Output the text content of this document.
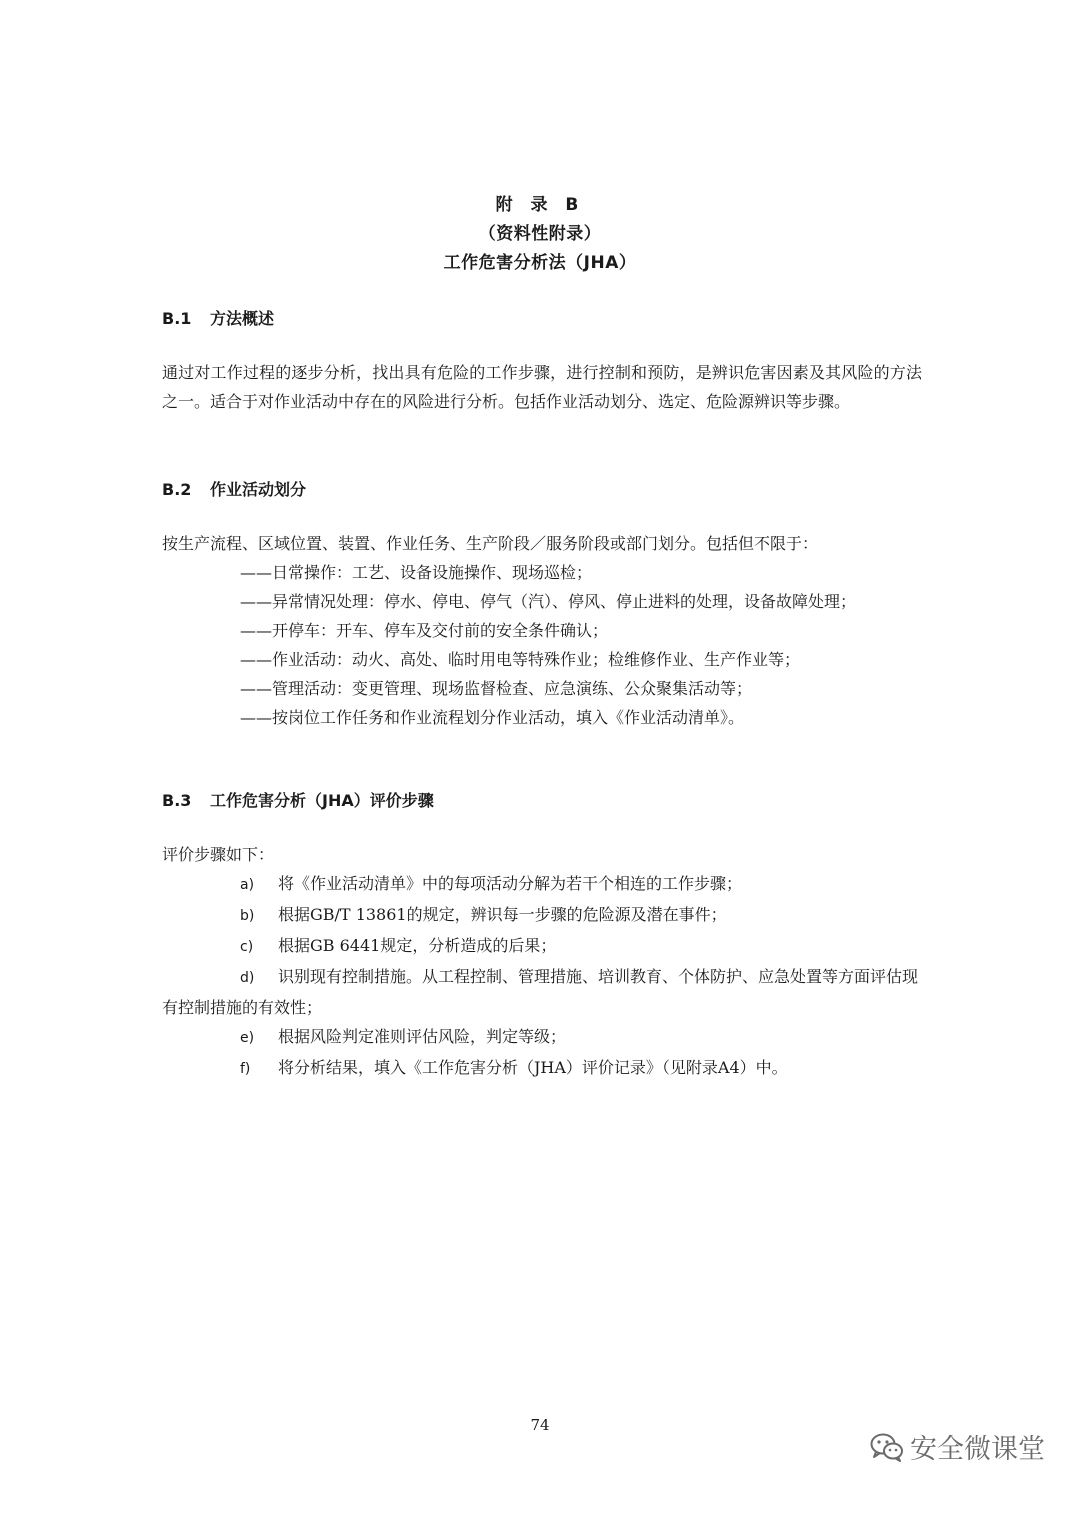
附 录 B
（资料性附录）
工作危害分析法（JHA）
B.1 方法概述
通过对工作过程的逐步分析，找出具有危险的工作步骤，进行控制和预防，是辨识危害因素及其风险的方法之一。适合于对作业活动中存在的风险进行分析。包括作业活动划分、选定、危险源辨识等步骤。
B.2 作业活动划分
按生产流程、区域位置、装置、作业任务、生产阶段／服务阶段或部门划分。包括但不限于：
——日常操作：工艺、设备设施操作、现场巡检；
——异常情况处理：停水、停电、停气（汽）、停风、停止进料的处理，设备故障处理；
——开停车：开车、停车及交付前的安全条件确认；
——作业活动：动火、高处、临时用电等特殊作业；检维修作业、生产作业等；
——管理活动：变更管理、现场监督检查、应急演练、公众聚集活动等；
——按岗位工作任务和作业流程划分作业活动，填入《作业活动清单》。
B.3 工作危害分析（JHA）评价步骤
评价步骤如下：
a) 将《作业活动清单》中的每项活动分解为若干个相连的工作步骤；
b) 根据GB/T 13861的规定，辨识每一步骤的危险源及潜在事件；
c) 根据GB 6441规定，分析造成的后果；
d) 识别现有控制措施。从工程控制、管理措施、培训教育、个体防护、应急处置等方面评估现有控制措施的有效性；
e) 根据风险判定准则评估风险，判定等级；
f) 将分析结果，填入《工作危害分析（JHA）评价记录》（见附录A4）中。
74
安全微课堂
